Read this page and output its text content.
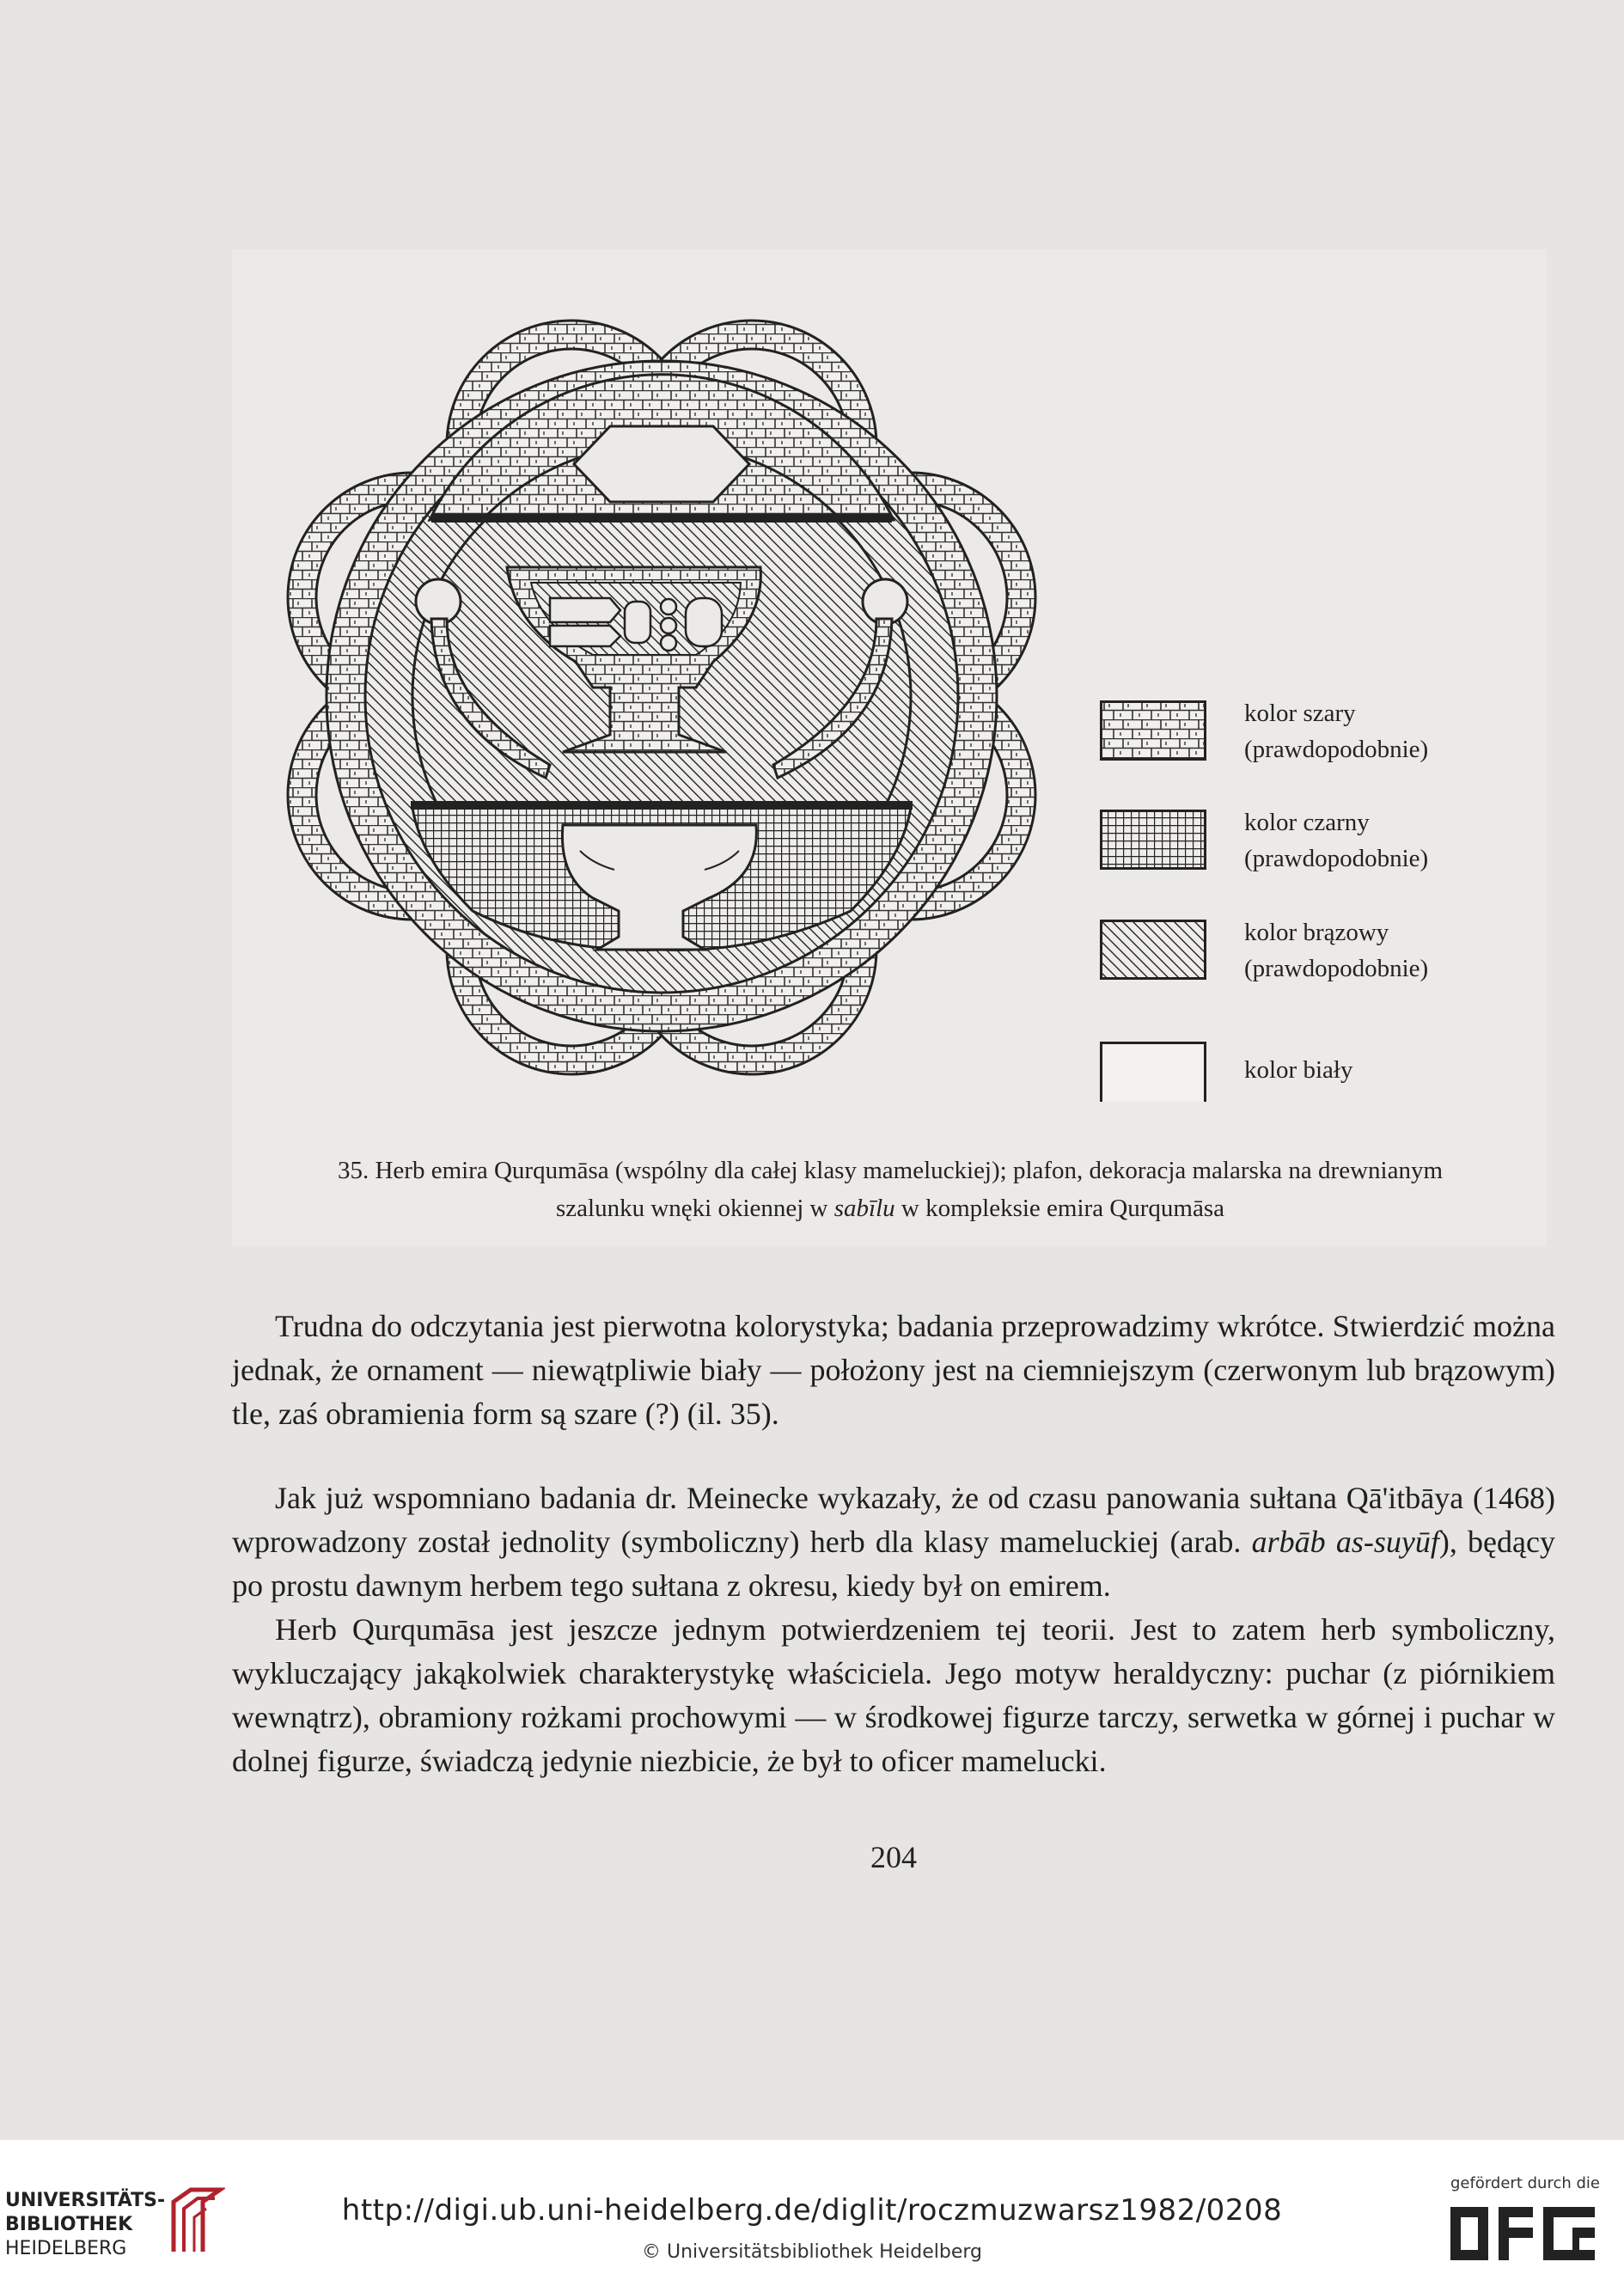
kolor szary
(prawdopodobnie)
kolor czarny
(prawdopodobnie)
kolor brązowy
(prawdopodobnie)
kolor biały
35. Herb emira Qurqumāsa (wspólny dla całej klasy mameluckiej); plafon, dekoracja malarska na drewnianym
szalunku wnęki okiennej w sabīlu w kompleksie emira Qurqumāsa

Trudna do odczytania jest pierwotna kolorystyka; badania przeprowadzimy wkrótce. Stwierdzić można jednak, że ornament — niewątpliwie biały — położony jest na ciemniejszym (czerwonym lub brązowym) tle, zaś obramienia form są szare (?) (il. 35).

Jak już wspomniano badania dr. Meinecke wykazały, że od czasu panowania sułtana Qā'itbāya (1468) wprowadzony został jednolity (symboliczny) herb dla klasy mameluckiej (arab. arbāb as-suyūf), będący po prostu dawnym herbem tego sułtana z okresu, kiedy był on emirem.

Herb Qurqumāsa jest jeszcze jednym potwierdzeniem tej teorii. Jest to zatem herb symboliczny, wykluczający jakąkolwiek charakterystykę właściciela. Jego motyw heraldyczny: puchar (z piórnikiem wewnątrz), obramiony rożkami prochowymi — w środkowej figurze tarczy, serwetka w górnej i puchar w dolnej figurze, świadczą jedynie niezbicie, że był to oficer mamelucki.

204
UNIVERSITÄTS-
BIBLIOTHEK
HEIDELBERG
http://digi.ub.uni-heidelberg.de/diglit/roczmuzwarsz1982/0208
© Universitätsbibliothek Heidelberg
gefördert durch die
